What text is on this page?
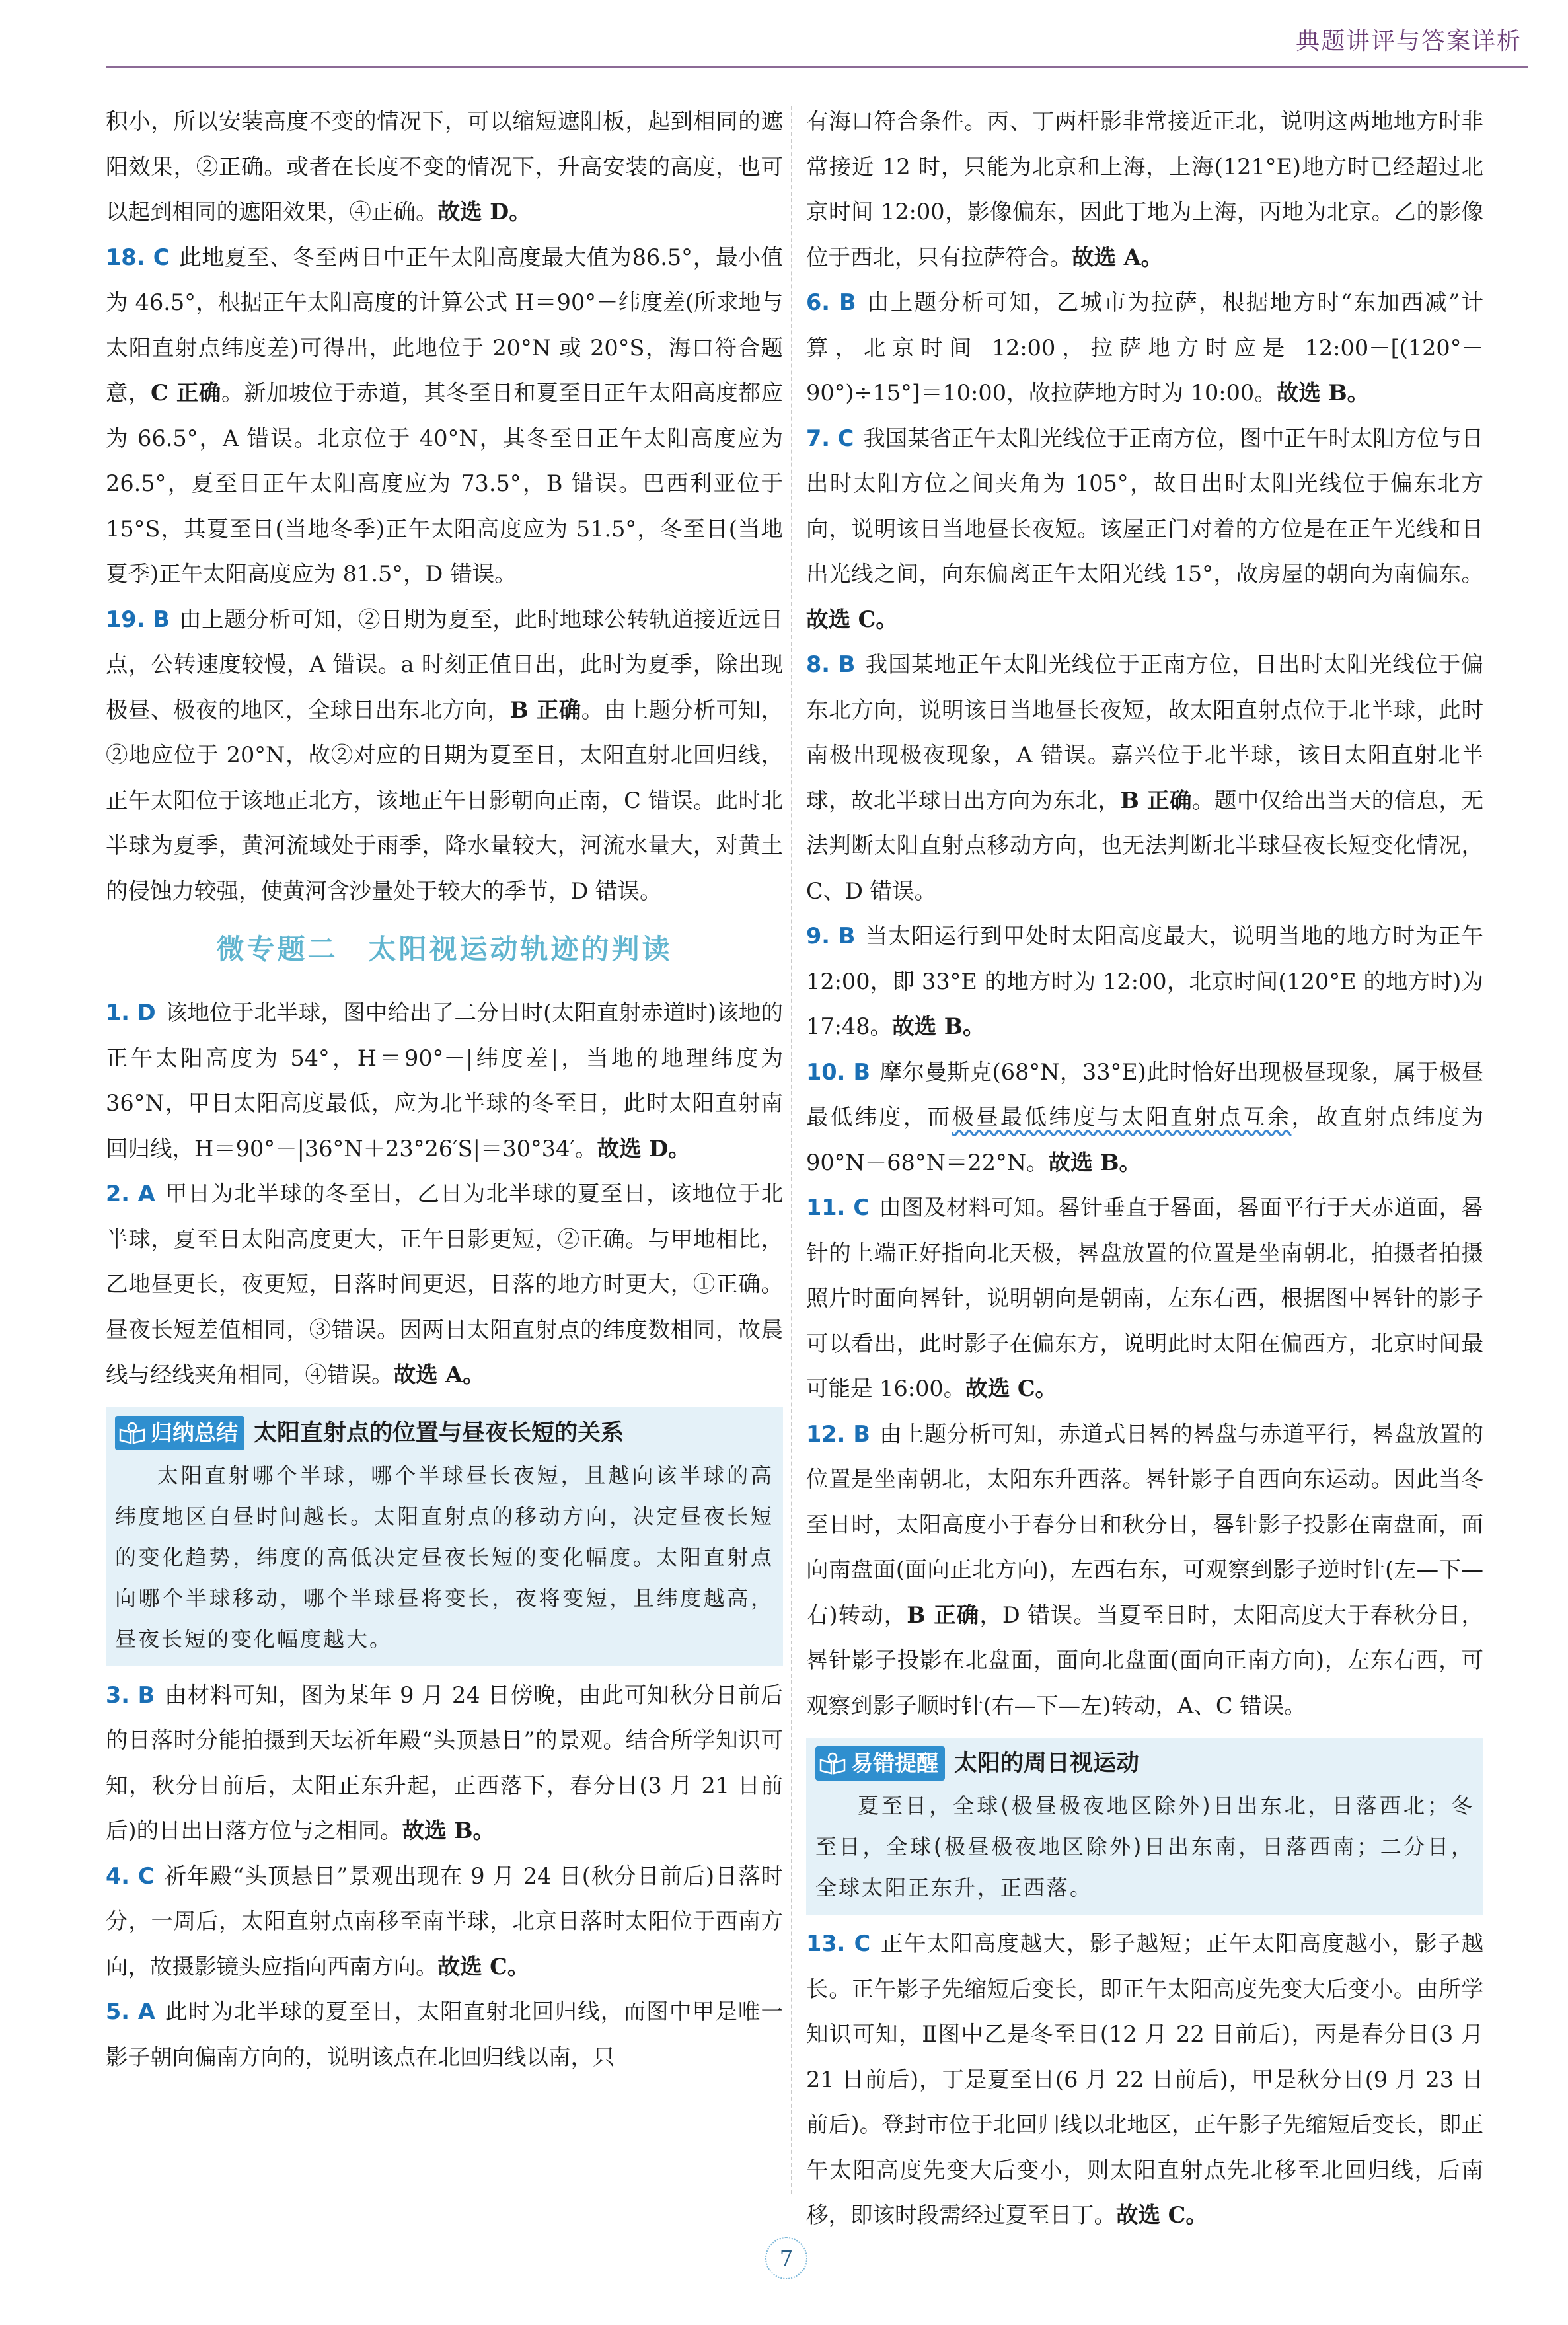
典题讲评与答案详析

积小，所以安装高度不变的情况下，可以缩短遮阳板，起到相同的遮阳效果，②正确。或者在长度不变的情况下，升高安装的高度，也可以起到相同的遮阳效果，④正确。故选 D。

18. C 此地夏至、冬至两日中正午太阳高度最大值为86.5°，最小值为 46.5°，根据正午太阳高度的计算公式 H＝90°－纬度差(所求地与太阳直射点纬度差)可得出，此地位于 20°N 或 20°S，海口符合题意，C 正确。新加坡位于赤道，其冬至日和夏至日正午太阳高度都应为 66.5°，A 错误。北京位于 40°N，其冬至日正午太阳高度应为26.5°，夏至日正午太阳高度应为 73.5°，B 错误。巴西利亚位于 15°S，其夏至日(当地冬季)正午太阳高度应为 51.5°，冬至日(当地夏季)正午太阳高度应为 81.5°，D 错误。

19. B 由上题分析可知，②日期为夏至，此时地球公转轨道接近远日点，公转速度较慢，A 错误。a 时刻正值日出，此时为夏季，除出现极昼、极夜的地区，全球日出东北方向，B 正确。由上题分析可知，②地应位于 20°N，故②对应的日期为夏至日，太阳直射北回归线，正午太阳位于该地正北方，该地正午日影朝向正南，C 错误。此时北半球为夏季，黄河流域处于雨季，降水量较大，河流水量大，对黄土的侵蚀力较强，使黄河含沙量处于较大的季节，D 错误。

微专题二　太阳视运动轨迹的判读

1. D 该地位于北半球，图中给出了二分日时(太阳直射赤道时)该地的正午太阳高度为 54°，H＝90°－|纬度差|，当地的地理纬度为 36°N，甲日太阳高度最低，应为北半球的冬至日，此时太阳直射南回归线，H＝90°－|36°N＋23°26′S|＝30°34′。故选 D。

2. A 甲日为北半球的冬至日，乙日为北半球的夏至日，该地位于北半球，夏至日太阳高度更大，正午日影更短，②正确。与甲地相比，乙地昼更长，夜更短，日落时间更迟，日落的地方时更大，①正确。昼夜长短差值相同，③错误。因两日太阳直射点的纬度数相同，故晨线与经线夹角相同，④错误。故选 A。

归纳总结 太阳直射点的位置与昼夜长短的关系
太阳直射哪个半球，哪个半球昼长夜短，且越向该半球的高纬度地区白昼时间越长。太阳直射点的移动方向，决定昼夜长短的变化趋势，纬度的高低决定昼夜长短的变化幅度。太阳直射点向哪个半球移动，哪个半球昼将变长，夜将变短，且纬度越高，昼夜长短的变化幅度越大。

3. B 由材料可知，图为某年 9 月 24 日傍晚，由此可知秋分日前后的日落时分能拍摄到天坛祈年殿“头顶悬日”的景观。结合所学知识可知，秋分日前后，太阳正东升起，正西落下，春分日(3 月 21 日前后)的日出日落方位与之相同。故选 B。

4. C 祈年殿“头顶悬日”景观出现在 9 月 24 日(秋分日前后)日落时分，一周后，太阳直射点南移至南半球，北京日落时太阳位于西南方向，故摄影镜头应指向西南方向。故选 C。

5. A 此时为北半球的夏至日，太阳直射北回归线，而图中甲是唯一影子朝向偏南方向的，说明该点在北回归线以南，只

有海口符合条件。丙、丁两杆影非常接近正北，说明这两地地方时非常接近 12 时，只能为北京和上海，上海(121°E)地方时已经超过北京时间 12:00，影像偏东，因此丁地为上海，丙地为北京。乙的影像位于西北，只有拉萨符合。故选 A。

6. B 由上题分析可知，乙城市为拉萨，根据地方时“东加西减”计算，北京时间 12:00，拉萨地方时应是 12:00－[(120°－90°)÷15°]＝10:00，故拉萨地方时为 10:00。故选 B。

7. C 我国某省正午太阳光线位于正南方位，图中正午时太阳方位与日出时太阳方位之间夹角为 105°，故日出时太阳光线位于偏东北方向，说明该日当地昼长夜短。该屋正门对着的方位是在正午光线和日出光线之间，向东偏离正午太阳光线 15°，故房屋的朝向为南偏东。故选 C。

8. B 我国某地正午太阳光线位于正南方位，日出时太阳光线位于偏东北方向，说明该日当地昼长夜短，故太阳直射点位于北半球，此时南极出现极夜现象，A 错误。嘉兴位于北半球，该日太阳直射北半球，故北半球日出方向为东北，B 正确。题中仅给出当天的信息，无法判断太阳直射点移动方向，也无法判断北半球昼夜长短变化情况，C、D 错误。

9. B 当太阳运行到甲处时太阳高度最大，说明当地的地方时为正午 12:00，即 33°E 的地方时为 12:00，北京时间(120°E 的地方时)为 17:48。故选 B。

10. B 摩尔曼斯克(68°N，33°E)此时恰好出现极昼现象，属于极昼最低纬度，而极昼最低纬度与太阳直射点互余，故直射点纬度为 90°N－68°N＝22°N。故选 B。

11. C 由图及材料可知。晷针垂直于晷面，晷面平行于天赤道面，晷针的上端正好指向北天极，晷盘放置的位置是坐南朝北，拍摄者拍摄照片时面向晷针，说明朝向是朝南，左东右西，根据图中晷针的影子可以看出，此时影子在偏东方，说明此时太阳在偏西方，北京时间最可能是 16:00。故选 C。

12. B 由上题分析可知，赤道式日晷的晷盘与赤道平行，晷盘放置的位置是坐南朝北，太阳东升西落。晷针影子自西向东运动。因此当冬至日时，太阳高度小于春分日和秋分日，晷针影子投影在南盘面，面向南盘面(面向正北方向)，左西右东，可观察到影子逆时针(左—下—右)转动，B 正确，D 错误。当夏至日时，太阳高度大于春秋分日，晷针影子投影在北盘面，面向北盘面(面向正南方向)，左东右西，可观察到影子顺时针(右—下—左)转动，A、C 错误。

易错提醒 太阳的周日视运动
夏至日，全球(极昼极夜地区除外)日出东北，日落西北；冬至日，全球(极昼极夜地区除外)日出东南，日落西南；二分日，全球太阳正东升，正西落。

13. C 正午太阳高度越大，影子越短；正午太阳高度越小，影子越长。正午影子先缩短后变长，即正午太阳高度先变大后变小。由所学知识可知，Ⅱ图中乙是冬至日(12 月 22 日前后)，丙是春分日(3 月 21 日前后)，丁是夏至日(6 月 22 日前后)，甲是秋分日(9 月 23 日前后)。登封市位于北回归线以北地区，正午影子先缩短后变长，即正午太阳高度先变大后变小，则太阳直射点先北移至北回归线，后南移，即该时段需经过夏至日丁。故选 C。

7
